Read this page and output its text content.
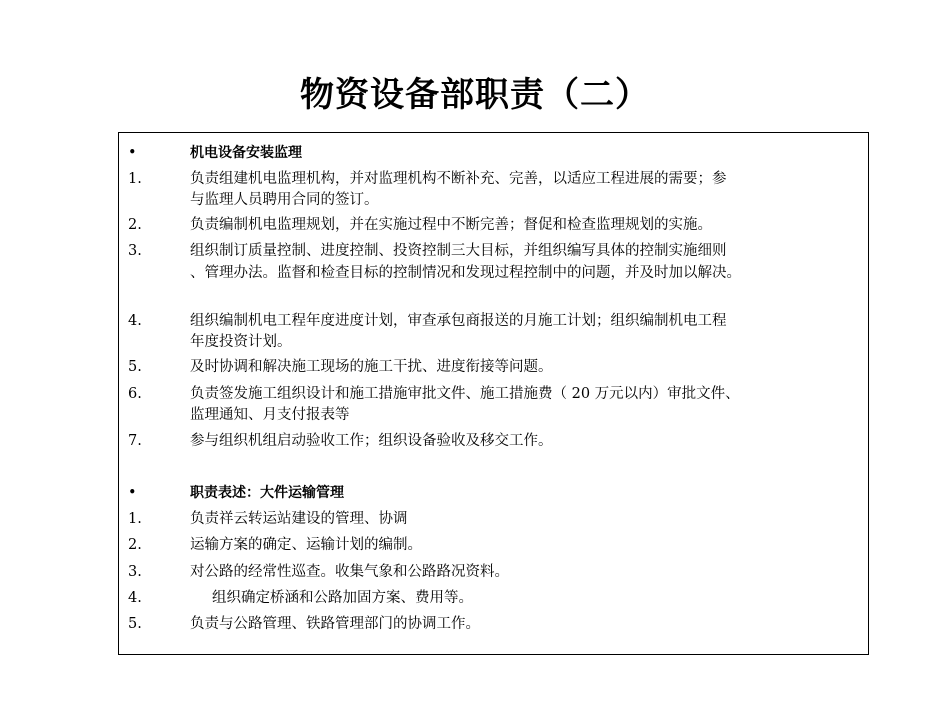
物资设备部职责（二）
•	机电设备安装监理
1.	负责组建机电监理机构，并对监理机构不断补充、完善，以适应工程进展的需要；参
与监理人员聘用合同的签订。
2.	负责编制机电监理规划，并在实施过程中不断完善；督促和检查监理规划的实施。
3.	组织制订质量控制、进度控制、投资控制三大目标，并组织编写具体的控制实施细则
、管理办法。监督和检查目标的控制情况和发现过程控制中的问题，并及时加以解决。
4.	组织编制机电工程年度进度计划，审查承包商报送的月施工计划；组织编制机电工程
年度投资计划。
5.	及时协调和解决施工现场的施工干扰、进度衔接等问题。
6.	负责签发施工组织设计和施工措施审批文件、施工措施费（ 20 万元以内）审批文件、
监理通知、月支付报表等
7.	参与组织机组启动验收工作；组织设备验收及移交工作。
•	职责表述：大件运输管理
1.	负责祥云转运站建设的管理、协调
2.	运输方案的确定、运输计划的编制。
3.	对公路的经常性巡查。收集气象和公路路况资料。
4.	组织确定桥涵和公路加固方案、费用等。
5.	负责与公路管理、铁路管理部门的协调工作。
